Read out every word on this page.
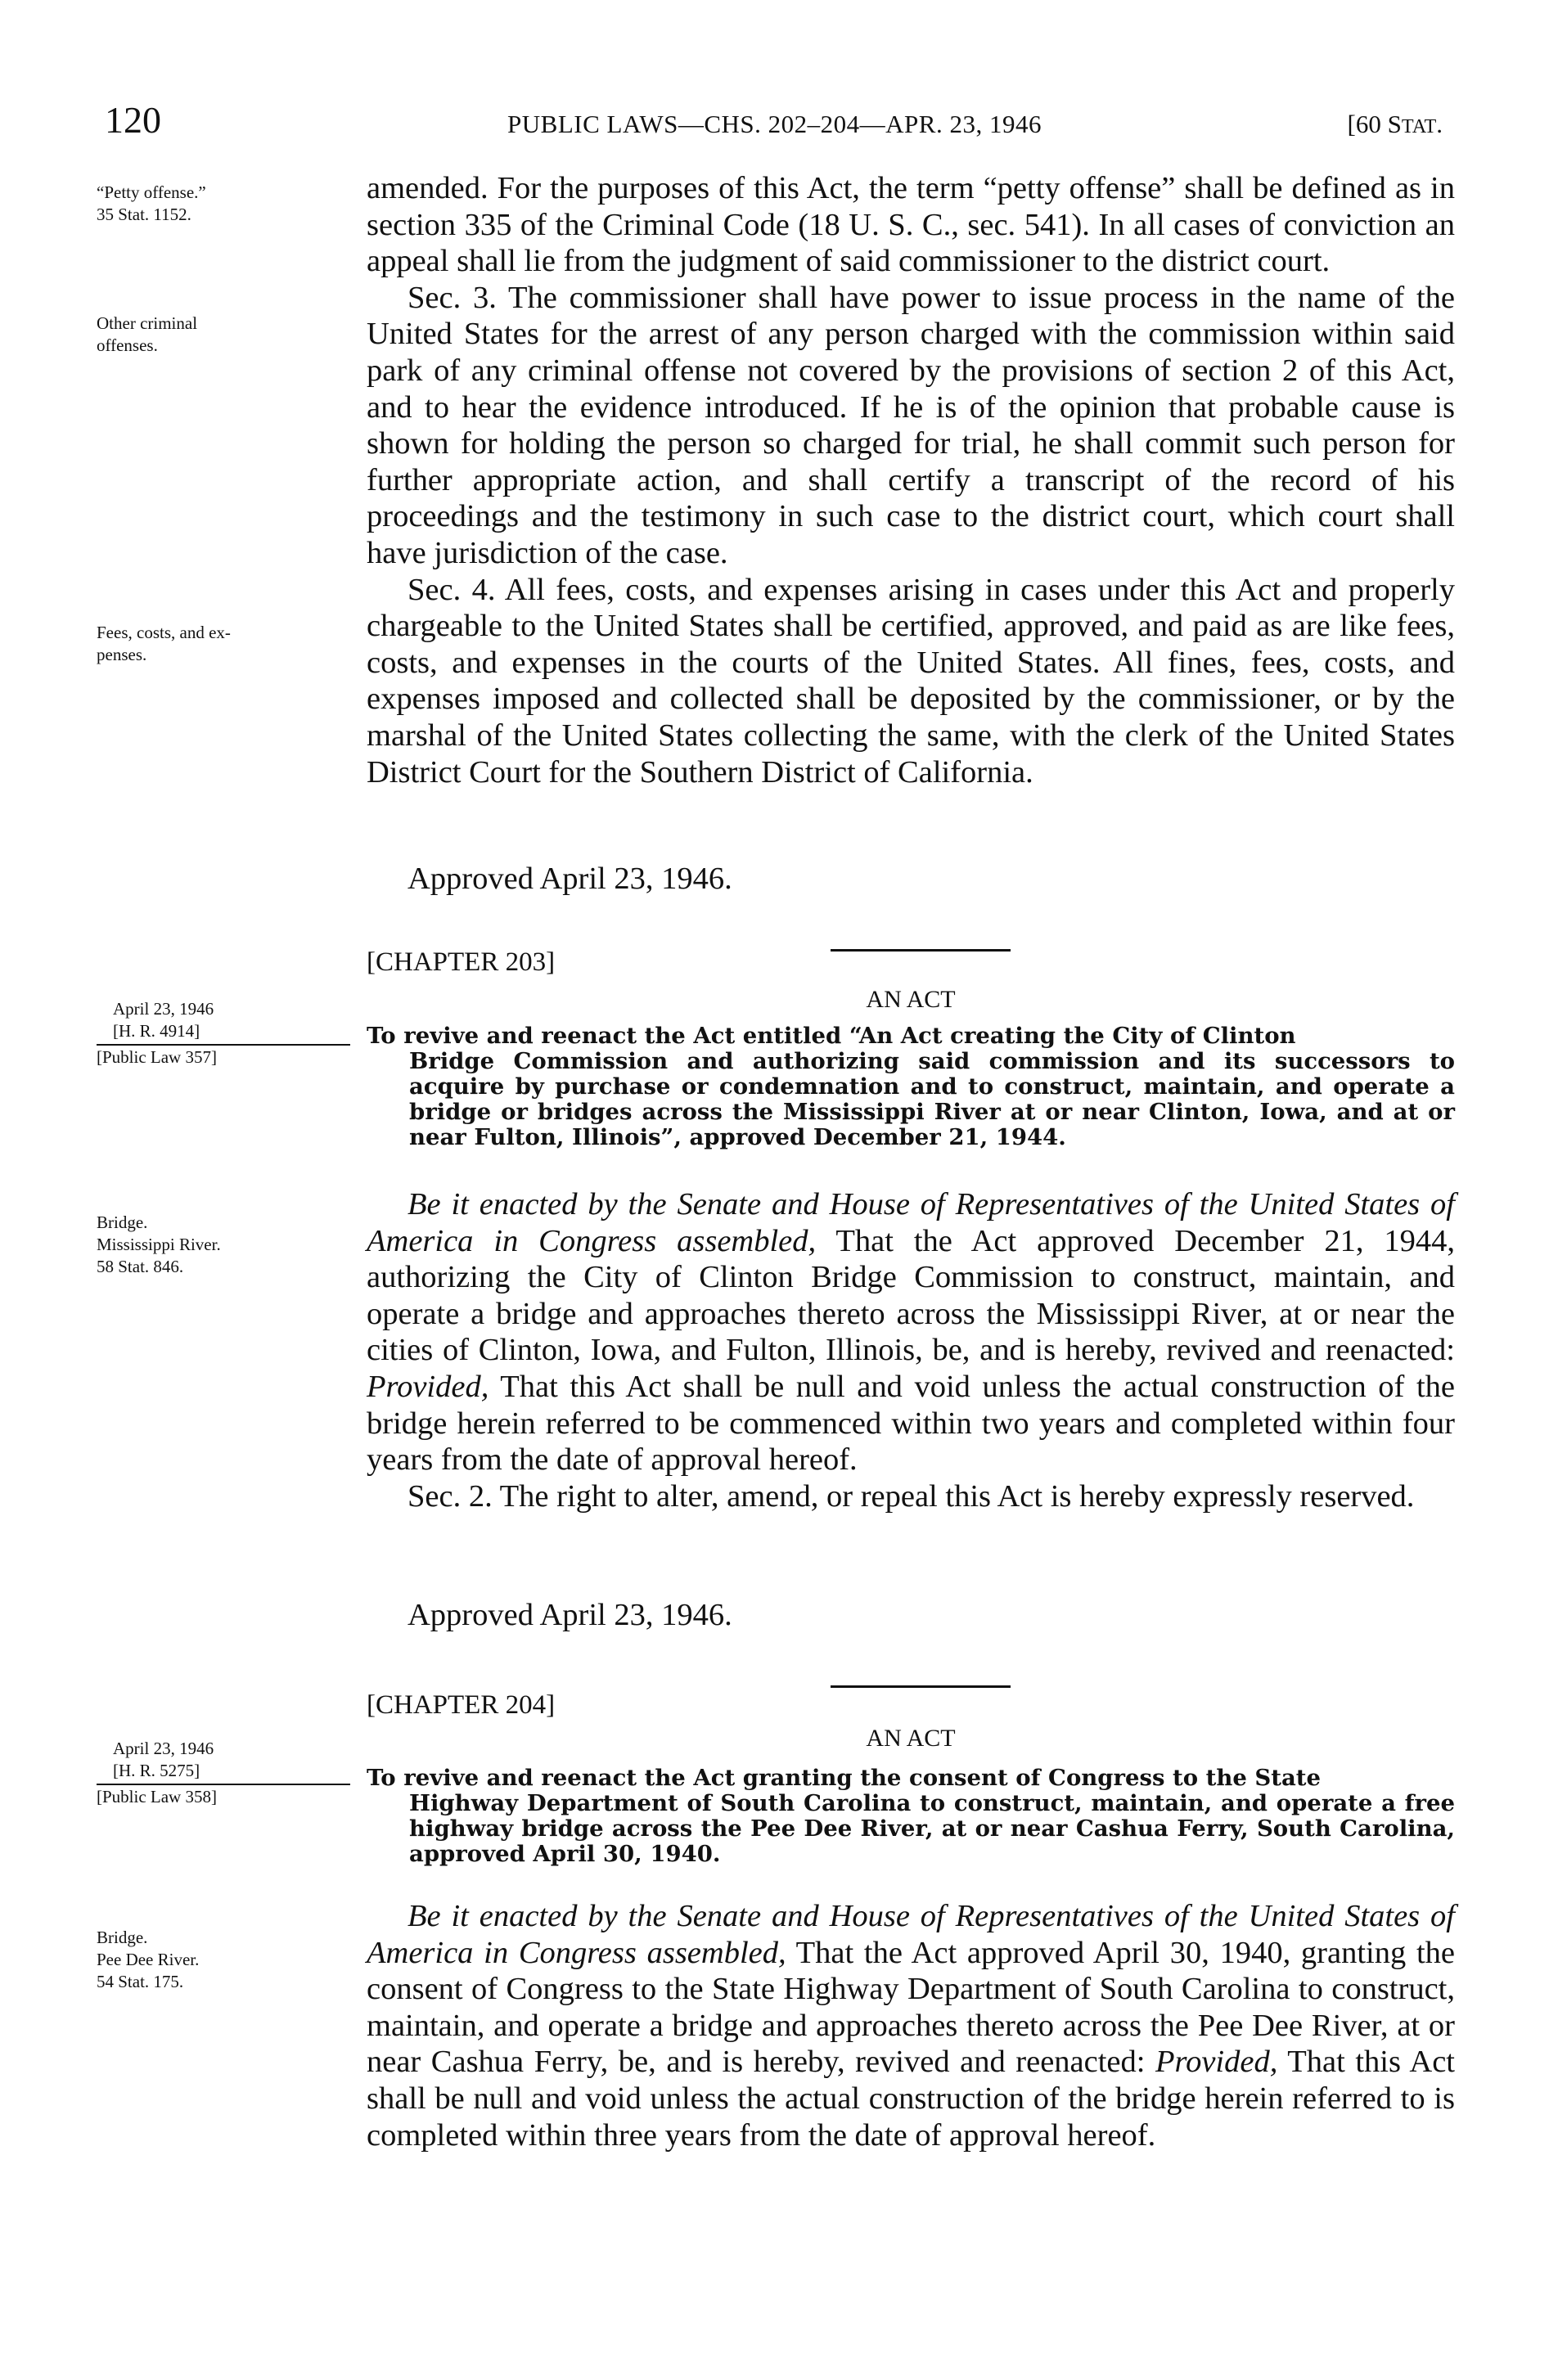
120	PUBLIC LAWS—CHS. 202–204—APR. 23, 1946	[60 STAT.
“Petty offense.”
35 Stat. 1152.
Other criminal
offenses.
Fees, costs, and ex-
penses.

amended. For the purposes of this Act, the term “petty offense” shall be defined as in section 335 of the Criminal Code (18 U. S. C., sec. 541). In all cases of conviction an appeal shall lie from the judgment of said commissioner to the district court.

Sec. 3. The commissioner shall have power to issue process in the name of the United States for the arrest of any person charged with the commission within said park of any criminal offense not covered by the provisions of section 2 of this Act, and to hear the evidence introduced. If he is of the opinion that probable cause is shown for holding the person so charged for trial, he shall commit such person for further appropriate action, and shall certify a transcript of the record of his proceedings and the testimony in such case to the district court, which court shall have jurisdiction of the case.

Sec. 4. All fees, costs, and expenses arising in cases under this Act and properly chargeable to the United States shall be certified, approved, and paid as are like fees, costs, and expenses in the courts of the United States. All fines, fees, costs, and expenses imposed and collected shall be deposited by the commissioner, or by the marshal of the United States collecting the same, with the clerk of the United States District Court for the Southern District of California.

Approved April 23, 1946.
[CHAPTER 203]
AN ACT
April 23, 1946
[H. R. 4914]
[Public Law 357]
To revive and reenact the Act entitled “An Act creating the City of Clinton
Bridge Commission and authorizing said commission and its successors to acquire by purchase or condemnation and to construct, maintain, and operate a bridge or bridges across the Mississippi River at or near Clinton, Iowa, and at or near Fulton, Illinois”, approved December 21, 1944.
Bridge.
Mississippi River.
58 Stat. 846.

Be it enacted by the Senate and House of Representatives of the United States of America in Congress assembled, That the Act approved December 21, 1944, authorizing the City of Clinton Bridge Commission to construct, maintain, and operate a bridge and approaches thereto across the Mississippi River, at or near the cities of Clinton, Iowa, and Fulton, Illinois, be, and is hereby, revived and reenacted: Provided, That this Act shall be null and void unless the actual construction of the bridge herein referred to be commenced within two years and completed within four years from the date of approval hereof.

Sec. 2. The right to alter, amend, or repeal this Act is hereby expressly reserved.

Approved April 23, 1946.
[CHAPTER 204]
AN ACT
April 23, 1946
[H. R. 5275]
[Public Law 358]
To revive and reenact the Act granting the consent of Congress to the State
Highway Department of South Carolina to construct, maintain, and operate a free highway bridge across the Pee Dee River, at or near Cashua Ferry, South Carolina, approved April 30, 1940.
Bridge.
Pee Dee River.
54 Stat. 175.

Be it enacted by the Senate and House of Representatives of the United States of America in Congress assembled, That the Act approved April 30, 1940, granting the consent of Congress to the State Highway Department of South Carolina to construct, maintain, and operate a bridge and approaches thereto across the Pee Dee River, at or near Cashua Ferry, be, and is hereby, revived and reenacted: Provided, That this Act shall be null and void unless the actual construction of the bridge herein referred to is completed within three years from the date of approval hereof.
